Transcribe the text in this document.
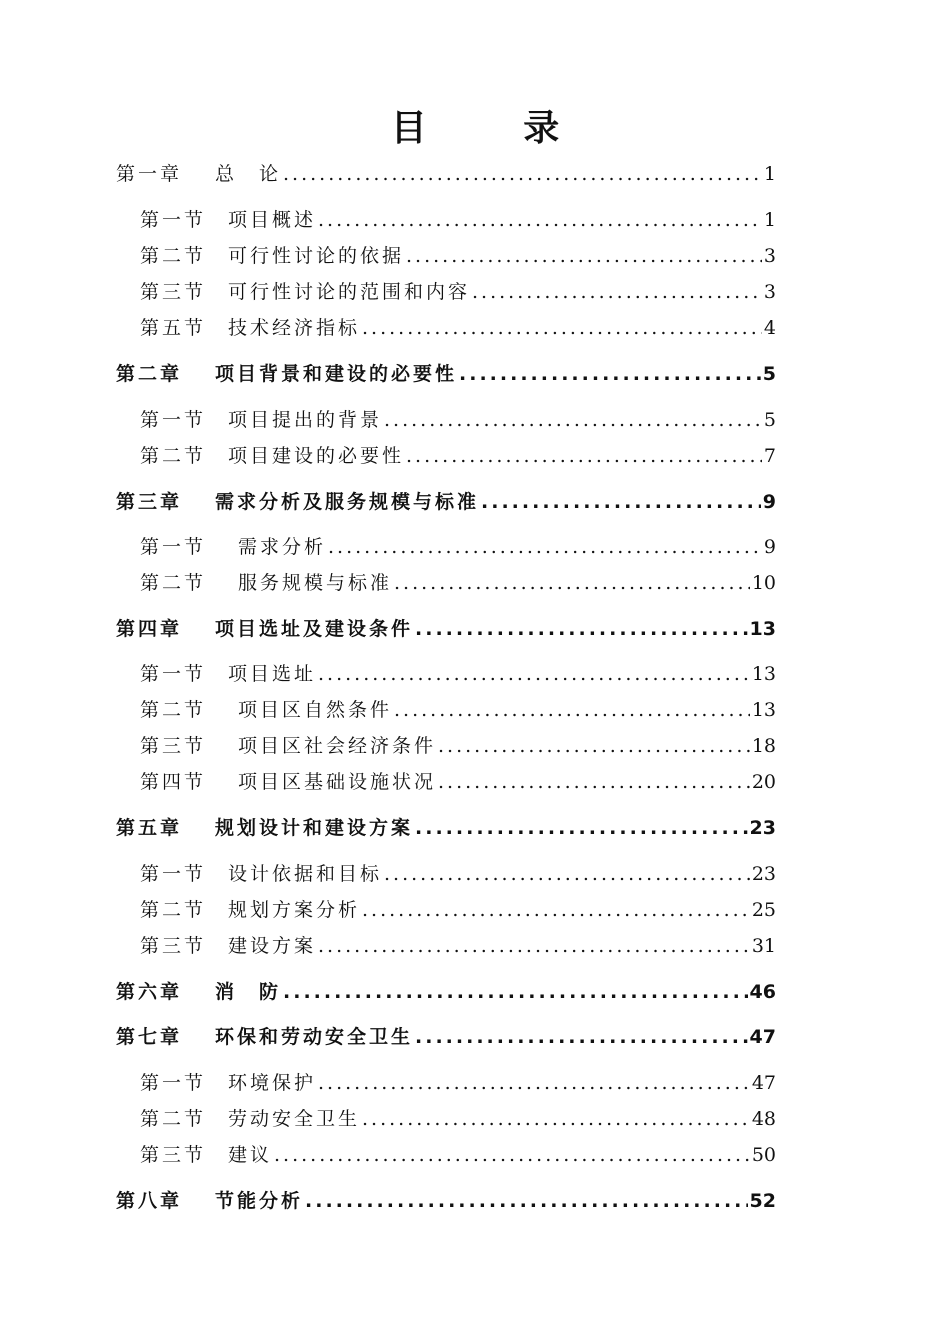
目 录
第一章	总　论 .....	1
第一节	项目概述 .....	1
第二节	可行性讨论的依据 .....	3
第三节	可行性讨论的范围和内容 .....	3
第五节	技术经济指标 .....	4
第二章	项目背景和建设的必要性 .....	5
第一节	项目提出的背景 .....	5
第二节	项目建设的必要性 .....	7
第三章	需求分析及服务规模与标准 .....	9
第一节	需求分析 .....	9
第二节	服务规模与标准 .....	10
第四章	项目选址及建设条件 .....	13
第一节	项目选址 .....	13
第二节	项目区自然条件 .....	13
第三节	项目区社会经济条件 .....	18
第四节	项目区基础设施状况 .....	20
第五章	规划设计和建设方案 .....	23
第一节	设计依据和目标 .....	23
第二节	规划方案分析 .....	25
第三节	建设方案 .....	31
第六章	消　防 .....	46
第七章	环保和劳动安全卫生 .....	47
第一节	环境保护 .....	47
第二节	劳动安全卫生 .....	48
第三节	建议 .....	50
第八章	节能分析 .....	52
